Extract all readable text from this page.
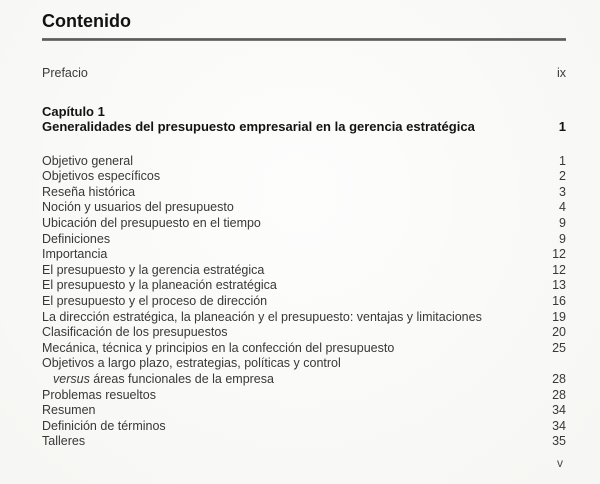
Contenido
Prefacio	ix
Capítulo 1
Generalidades del presupuesto empresarial en la gerencia estratégica	1
Objetivo general	1
Objetivos específicos	2
Reseña histórica	3
Noción y usuarios del presupuesto	4
Ubicación del presupuesto en el tiempo	9
Definiciones	9
Importancia	12
El presupuesto y la gerencia estratégica	12
El presupuesto y la planeación estratégica	13
El presupuesto y el proceso de dirección	16
La dirección estratégica, la planeación y el presupuesto: ventajas y limitaciones	19
Clasificación de los presupuestos	20
Mecánica, técnica y principios en la confección del presupuesto	25
Objetivos a largo plazo, estrategias, políticas y control
versus áreas funcionales de la empresa	28
Problemas resueltos	28
Resumen	34
Definición de términos	34
Talleres	35
v
